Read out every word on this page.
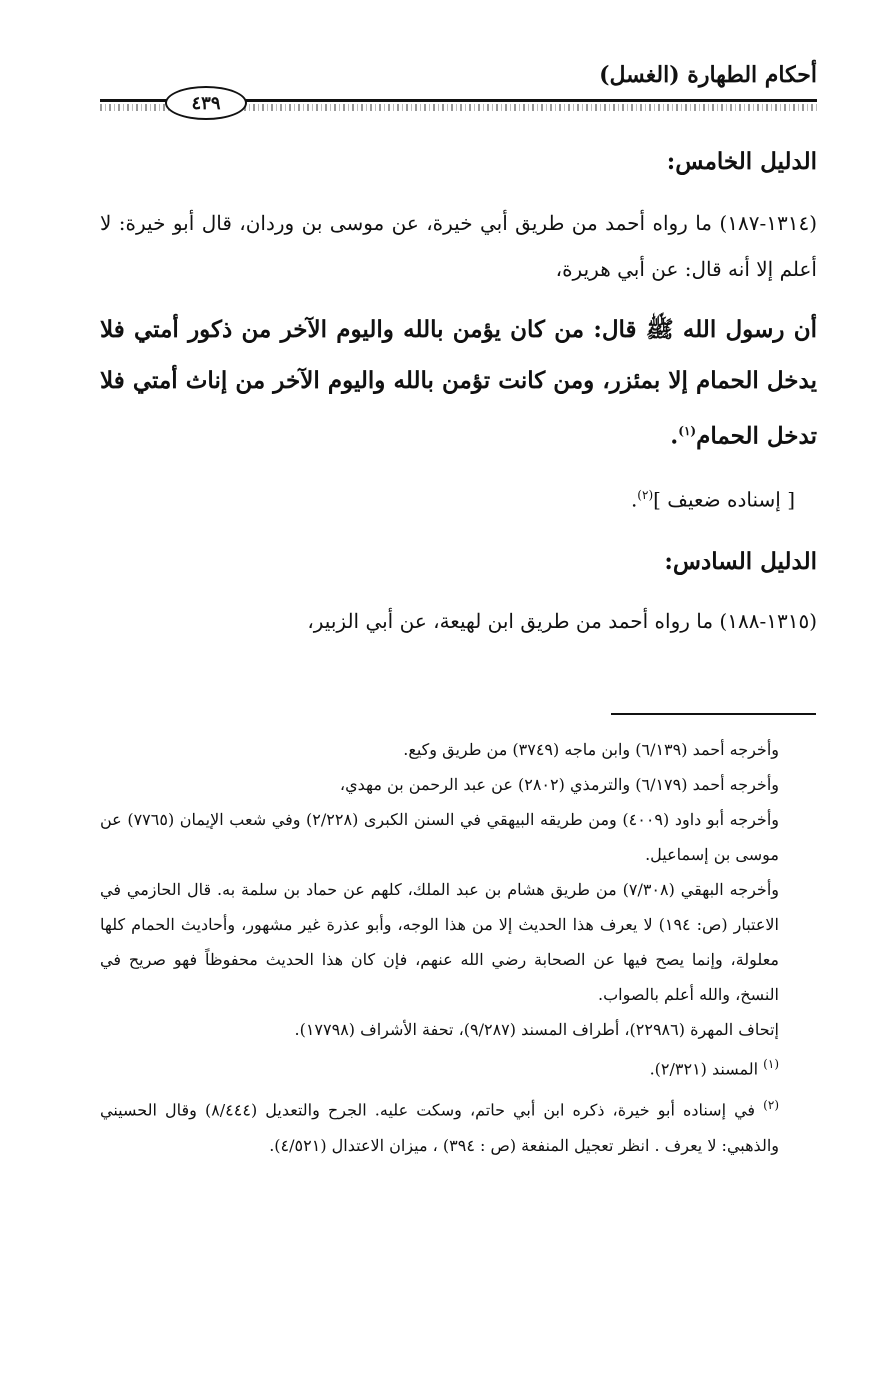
أحكام الطهارة (الغسل)
٤٣٩
الدليل الخامس:
(١٣١٤-١٨٧) ما رواه أحمد من طريق أبي خيرة، عن موسى بن وردان، قال أبو خيرة: لا أعلم إلا أنه قال: عن أبي هريرة،
أن رسول الله ﷺ قال: من كان يؤمن بالله واليوم الآخر من ذكور أمتي فلا يدخل الحمام إلا بمئزر، ومن كانت تؤمن بالله واليوم الآخر من إناث أمتي فلا تدخل الحمام$^{(١)}$.
[ إسناده ضعيف ]$^{(٢)}$.
الدليل السادس:
(١٣١٥-١٨٨) ما رواه أحمد من طريق ابن لهيعة، عن أبي الزبير،

وأخرجه أحمد (٦/١٣٩) وابن ماجه (٣٧٤٩) من طريق وكيع.

وأخرجه أحمد (٦/١٧٩) والترمذي (٢٨٠٢) عن عبد الرحمن بن مهدي،

وأخرجه أبو داود (٤٠٠٩) ومن طريقه البيهقي في السنن الكبرى (٢/٢٢٨) وفي شعب الإيمان (٧٧٦٥) عن موسى بن إسماعيل.

وأخرجه البهقي (٧/٣٠٨) من طريق هشام بن عبد الملك، كلهم عن حماد بن سلمة به. قال الحازمي في الاعتبار (ص: ١٩٤) لا يعرف هذا الحديث إلا من هذا الوجه، وأبو عذرة غير مشهور، وأحاديث الحمام كلها معلولة، وإنما يصح فيها عن الصحابة رضي الله عنهم، فإن كان هذا الحديث محفوظاً فهو صريح في النسخ، والله أعلم بالصواب.

إتحاف المهرة (٢٢٩٨٦)، أطراف المسند (٩/٢٨٧)، تحفة الأشراف (١٧٧٩٨).

$^{(١)}$ المسند (٢/٣٢١).

$^{(٢)}$ في إسناده أبو خيرة، ذكره ابن أبي حاتم، وسكت عليه. الجرح والتعديل (٨/٤٤٤) وقال الحسيني والذهبي: لا يعرف . انظر تعجيل المنفعة (ص : ٣٩٤) ، ميزان الاعتدال (٤/٥٢١).
